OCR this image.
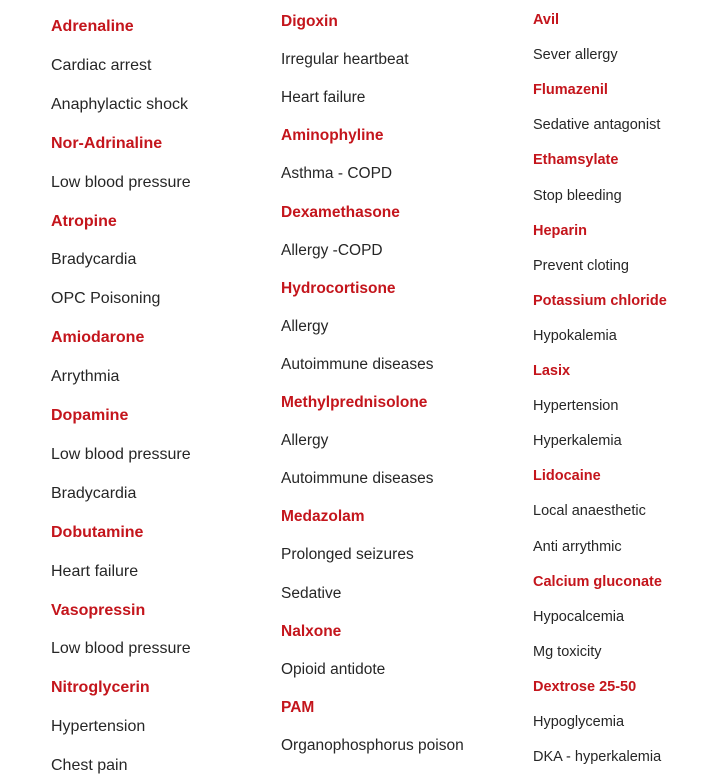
Adrenaline
Cardiac arrest
Anaphylactic shock
Nor-Adrinaline
Low blood pressure
Atropine
Bradycardia
OPC Poisoning
Amiodarone
Arrythmia
Dopamine
Low blood pressure
Bradycardia
Dobutamine
Heart failure
Vasopressin
Low blood pressure
Nitroglycerin
Hypertension
Chest pain
Digoxin
Irregular heartbeat
Heart failure
Aminophyline
Asthma - COPD
Dexamethasone
Allergy -COPD
Hydrocortisone
Allergy
Autoimmune diseases
Methylprednisolone
Allergy
Autoimmune diseases
Medazolam
Prolonged seizures
Sedative
Nalxone
Opioid antidote
PAM
Organophosphorus poison
Avil
Sever allergy
Flumazenil
Sedative antagonist
Ethamsylate
Stop bleeding
Heparin
Prevent cloting
Potassium chloride
Hypokalemia
Lasix
Hypertension
Hyperkalemia
Lidocaine
Local anaesthetic
Anti arrythmic
Calcium gluconate
Hypocalcemia
Mg toxicity
Dextrose 25-50
Hypoglycemia
DKA - hyperkalemia
